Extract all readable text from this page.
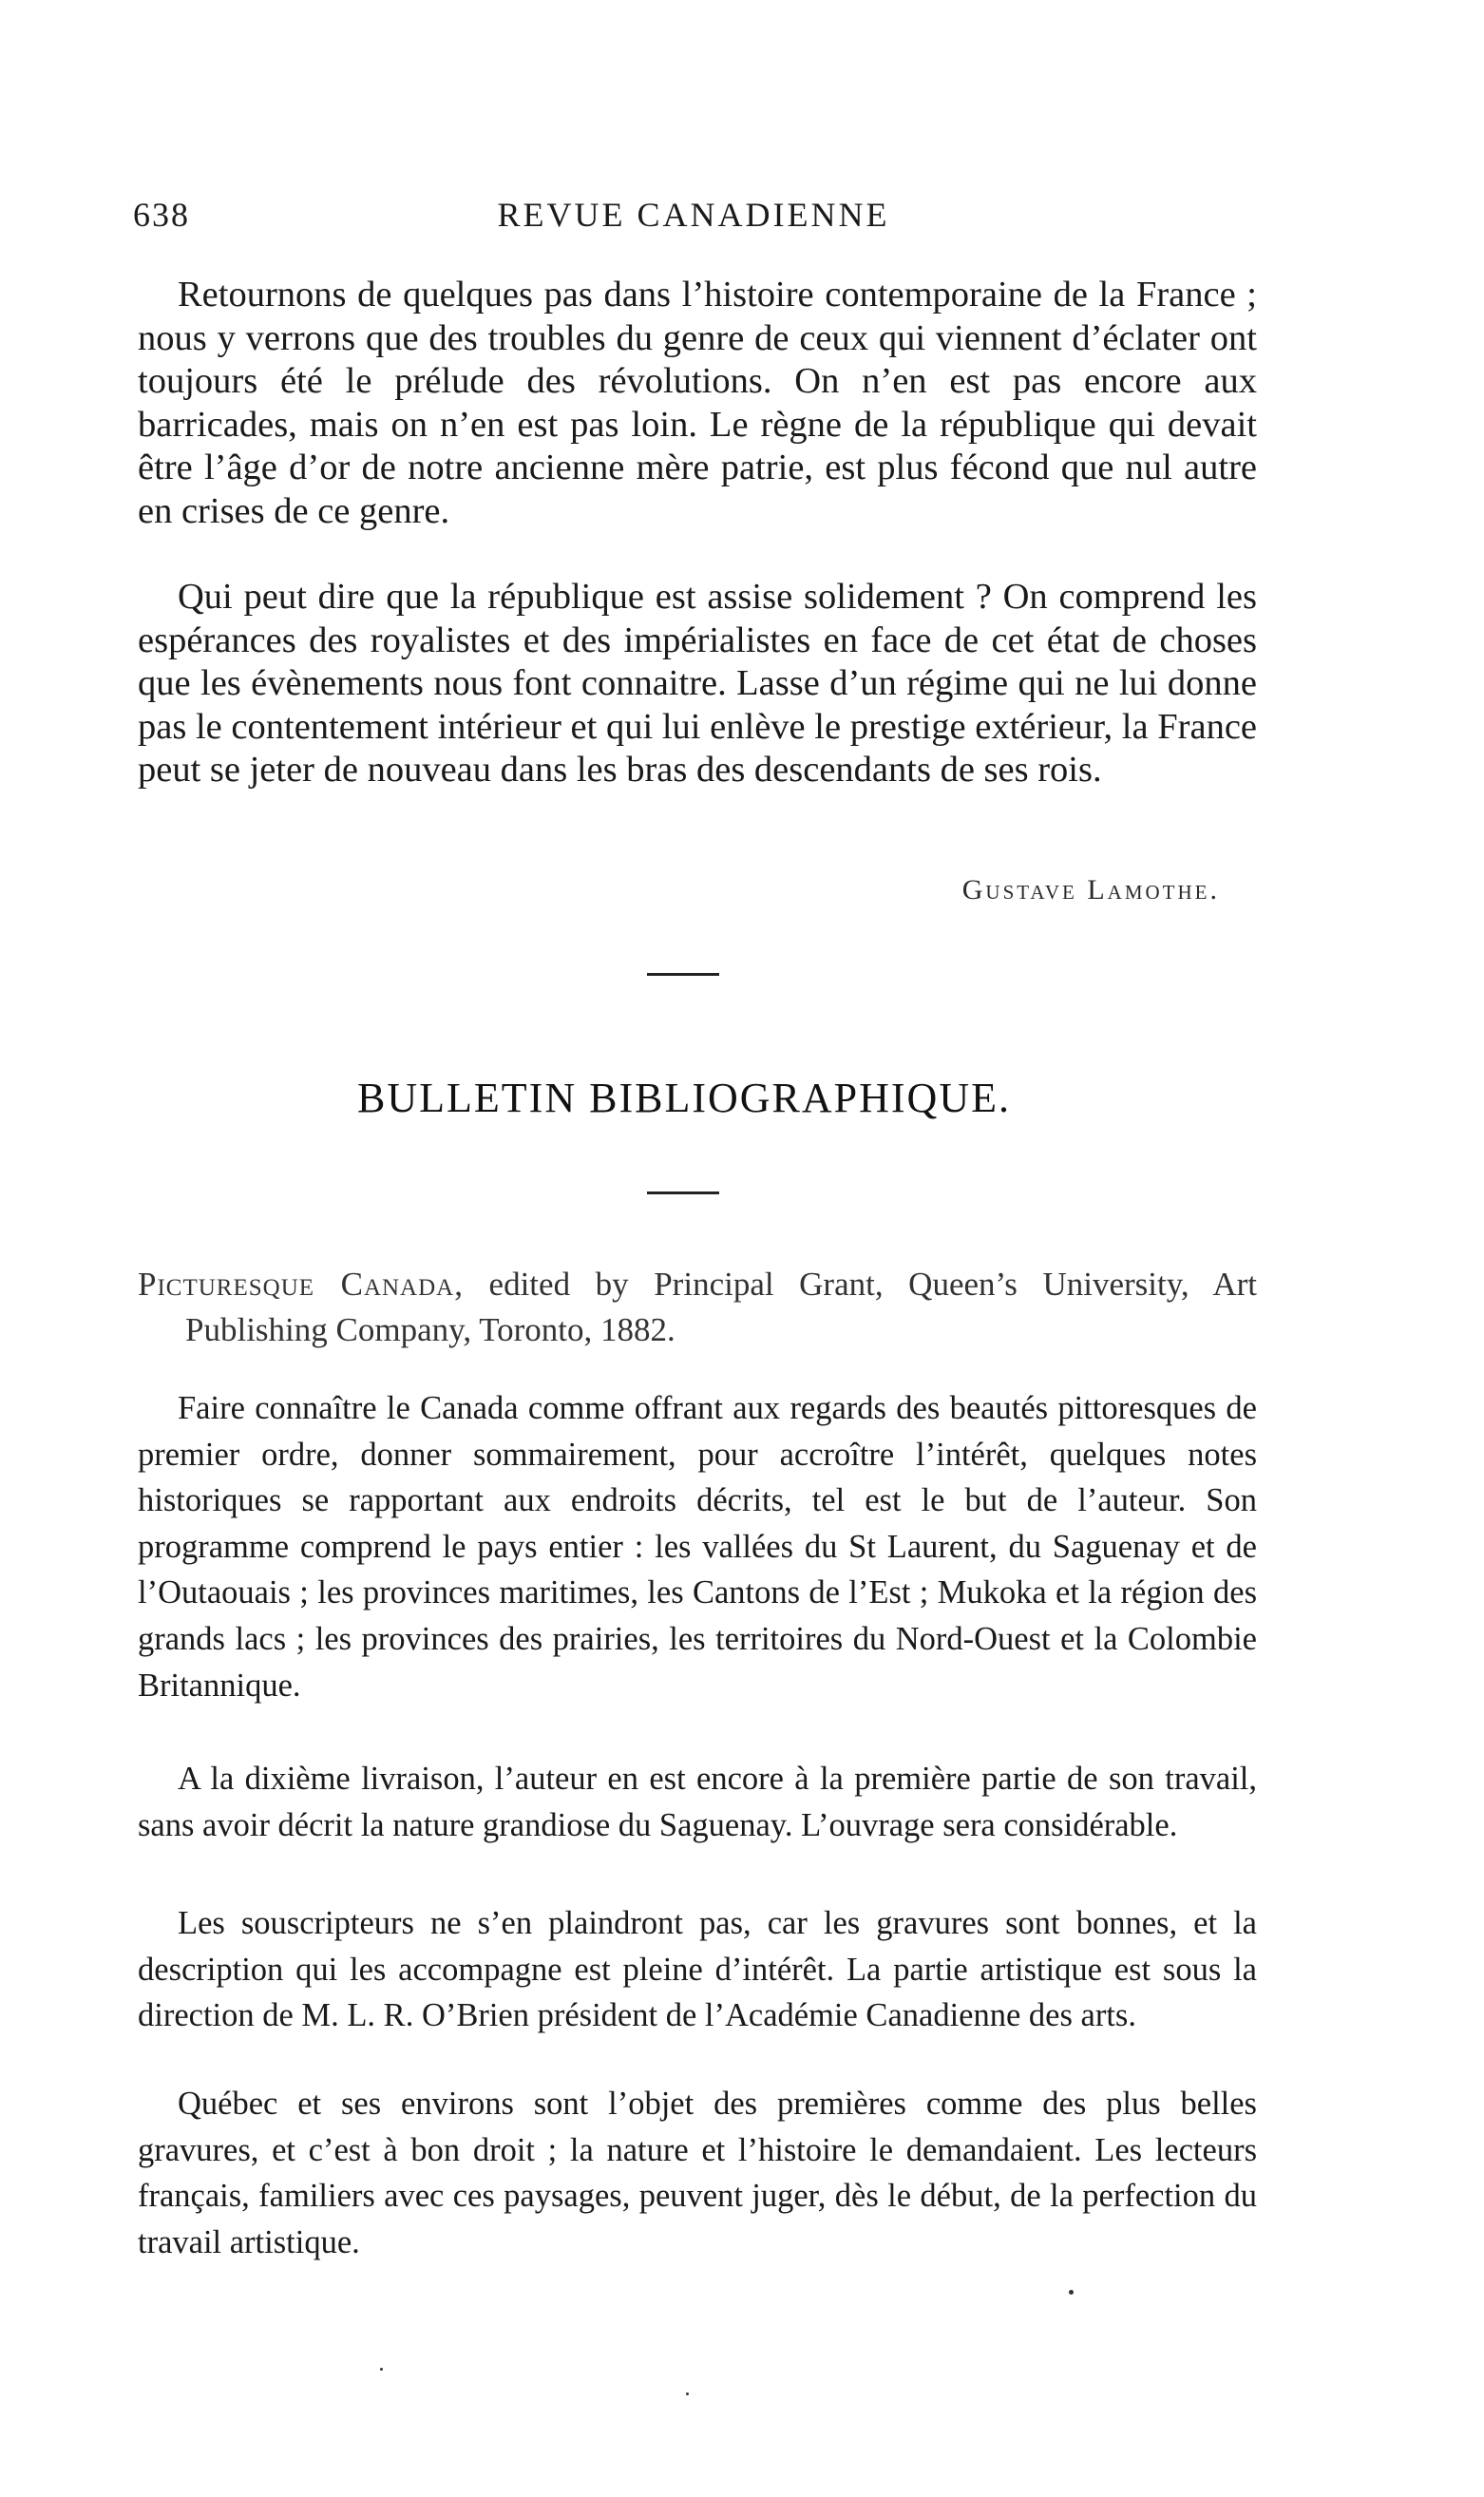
638	REVUE CANADIENNE

Retournons de quelques pas dans l’histoire contemporaine de la France ; nous y verrons que des troubles du genre de ceux qui viennent d’éclater ont toujours été le prélude des révolutions. On n’en est pas encore aux barricades, mais on n’en est pas loin. Le règne de la république qui devait être l’âge d’or de notre ancienne mère patrie, est plus fécond que nul autre en crises de ce genre.

Qui peut dire que la république est assise solidement ? On comprend les espérances des royalistes et des impérialistes en face de cet état de choses que les évènements nous font connaitre. Lasse d’un régime qui ne lui donne pas le contentement intérieur et qui lui enlève le prestige extérieur, la France peut se jeter de nouveau dans les bras des descendants de ses rois.

Gustave Lamothe.
BULLETIN BIBLIOGRAPHIQUE.

Picturesque Canada, edited by Principal Grant, Queen’s University, Art Publishing Company, Toronto, 1882.

Faire connaître le Canada comme offrant aux regards des beautés pittoresques de premier ordre, donner sommairement, pour accroître l’intérêt, quelques notes historiques se rapportant aux endroits décrits, tel est le but de l’auteur. Son programme comprend le pays entier : les vallées du St Laurent, du Saguenay et de l’Outaouais ; les provinces maritimes, les Cantons de l’Est ; Mukoka et la région des grands lacs ; les provinces des prairies, les territoires du Nord-Ouest et la Colombie Britannique.

A la dixième livraison, l’auteur en est encore à la première partie de son travail, sans avoir décrit la nature grandiose du Saguenay. L’ouvrage sera considérable.

Les souscripteurs ne s’en plaindront pas, car les gravures sont bonnes, et la description qui les accompagne est pleine d’intérêt. La partie artistique est sous la direction de M. L. R. O’Brien président de l’Académie Canadienne des arts.

Québec et ses environs sont l’objet des premières comme des plus belles gravures, et c’est à bon droit ; la nature et l’histoire le demandaient. Les lecteurs français, familiers avec ces paysages, peuvent juger, dès le début, de la perfection du travail artistique.
